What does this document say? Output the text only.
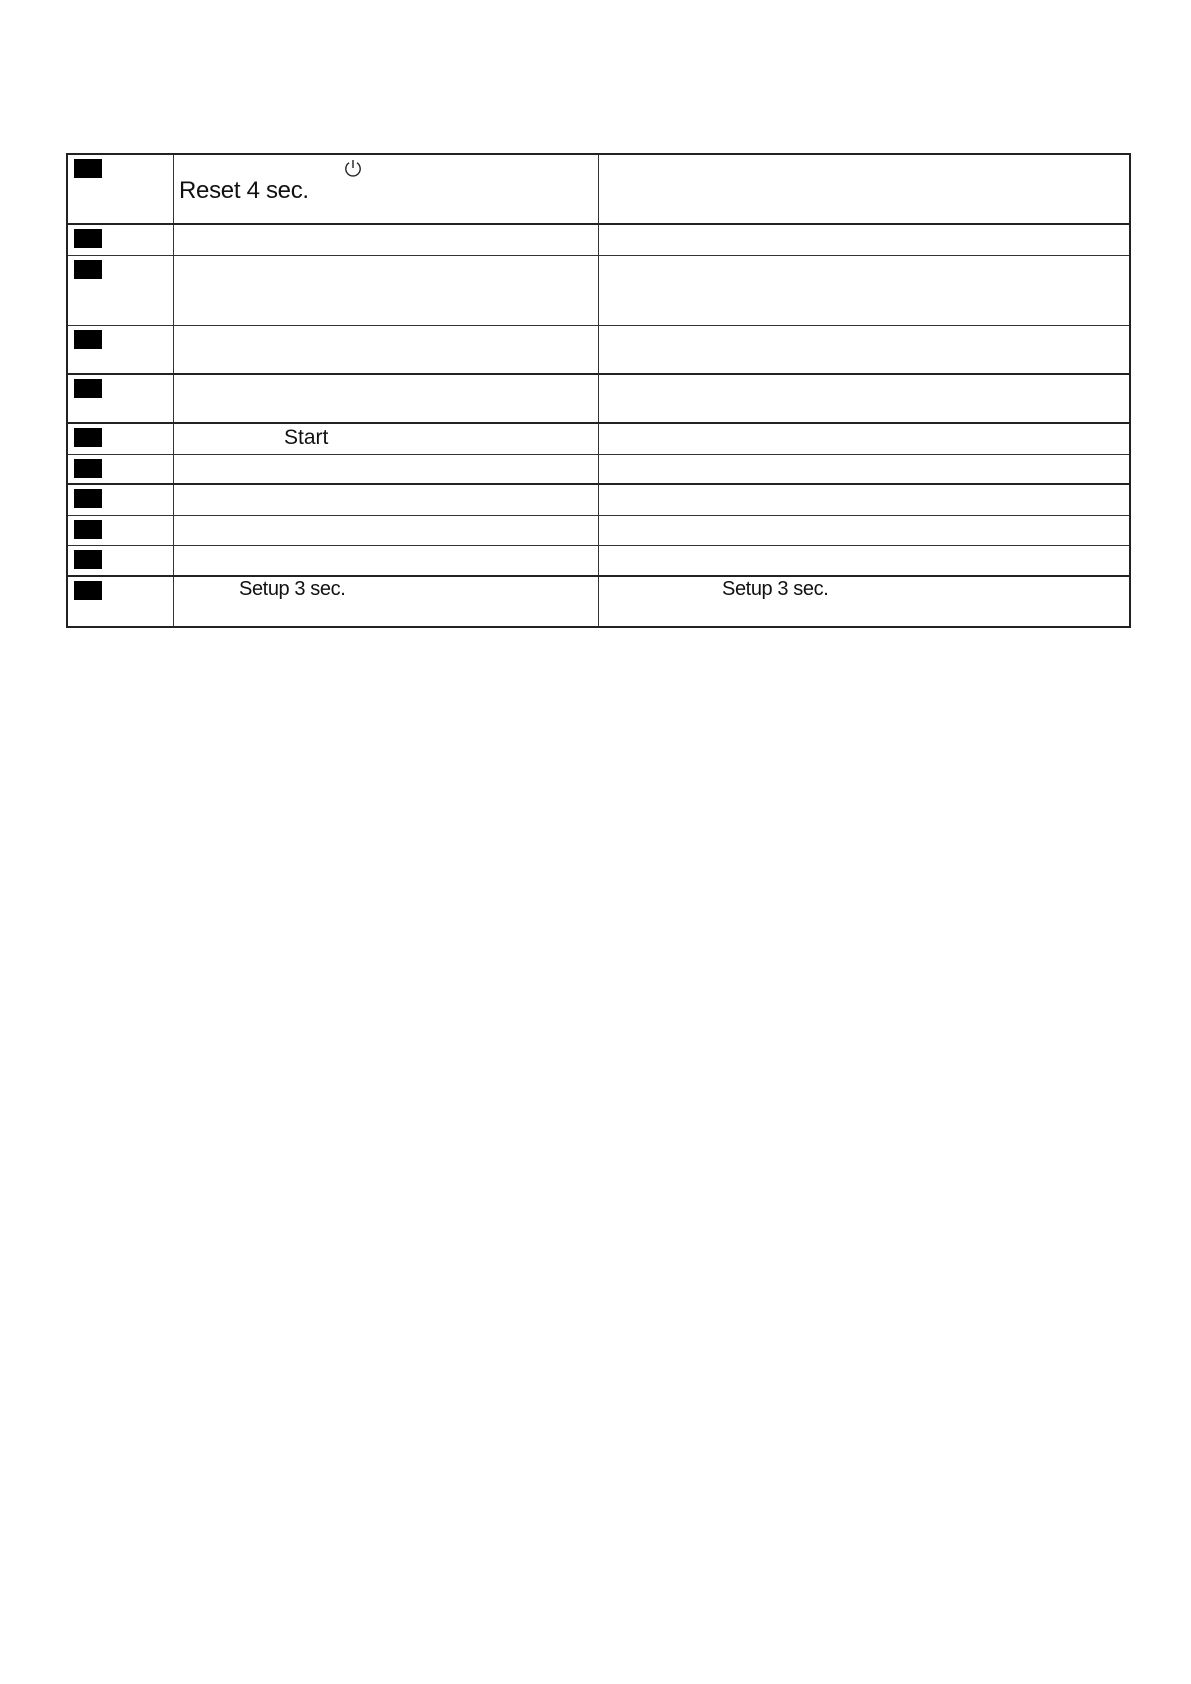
	Reset 4 sec.	

	Start	

	Setup 3 sec.	Setup 3 sec.
